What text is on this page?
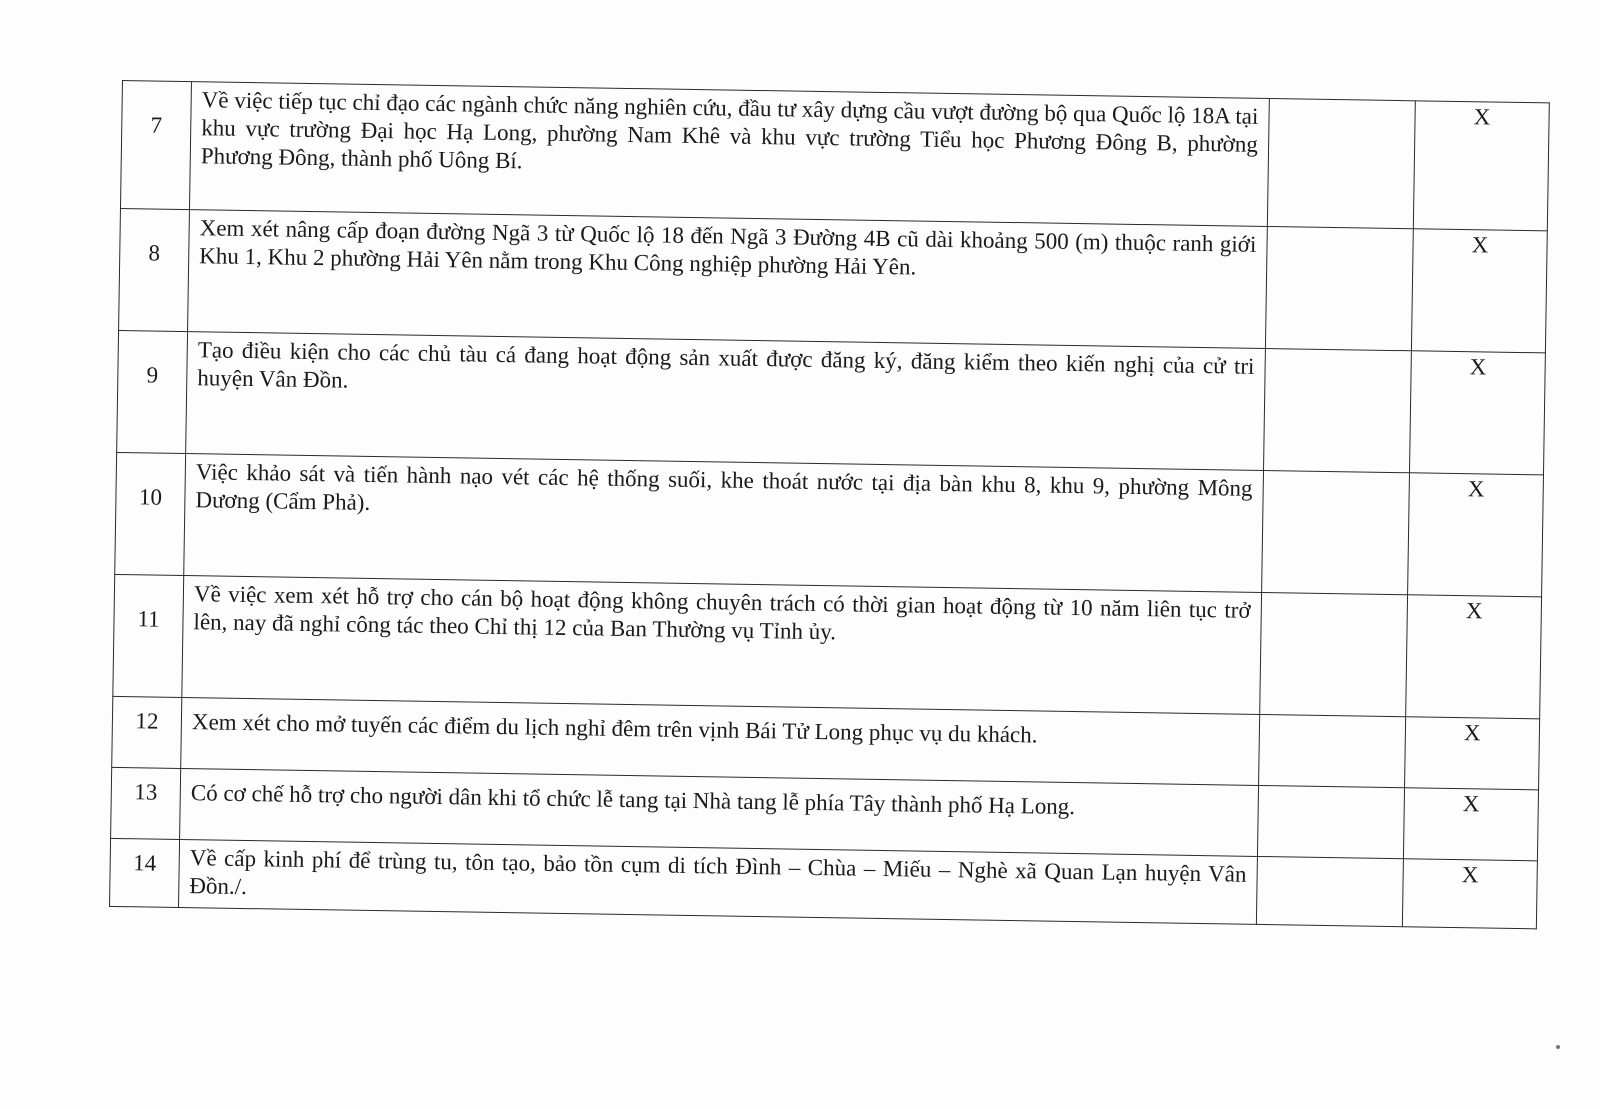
7	Về việc tiếp tục chỉ đạo các ngành chức năng nghiên cứu, đầu tư xây dựng cầu vượt đường bộ qua Quốc lộ 18A tại khu vực trường Đại học Hạ Long, phường Nam Khê và khu vực trường Tiểu học Phương Đông B, phường Phương Đông, thành phố Uông Bí.		X
8	Xem xét nâng cấp đoạn đường Ngã 3 từ Quốc lộ 18 đến Ngã 3 Đường 4B cũ dài khoảng 500 (m) thuộc ranh giới Khu 1, Khu 2 phường Hải Yên nằm trong Khu Công nghiệp phường Hải Yên.		X
9	Tạo điều kiện cho các chủ tàu cá đang hoạt động sản xuất được đăng ký, đăng kiểm theo kiến nghị của cử tri huyện Vân Đồn.		X
10	Việc khảo sát và tiến hành nạo vét các hệ thống suối, khe thoát nước tại địa bàn khu 8, khu 9, phường Mông Dương (Cẩm Phả).		X
11	Về việc xem xét hỗ trợ cho cán bộ hoạt động không chuyên trách có thời gian hoạt động từ 10 năm liên tục trở lên, nay đã nghỉ công tác theo Chỉ thị 12 của Ban Thường vụ Tỉnh ủy.		X
12	Xem xét cho mở tuyến các điểm du lịch nghỉ đêm trên vịnh Bái Tử Long phục vụ du khách.		X
13	Có cơ chế hỗ trợ cho người dân khi tổ chức lễ tang tại Nhà tang lễ phía Tây thành phố Hạ Long.		X
14	Về cấp kinh phí để trùng tu, tôn tạo, bảo tồn cụm di tích Đình – Chùa – Miếu – Nghè xã Quan Lạn huyện Vân Đồn./.		X
